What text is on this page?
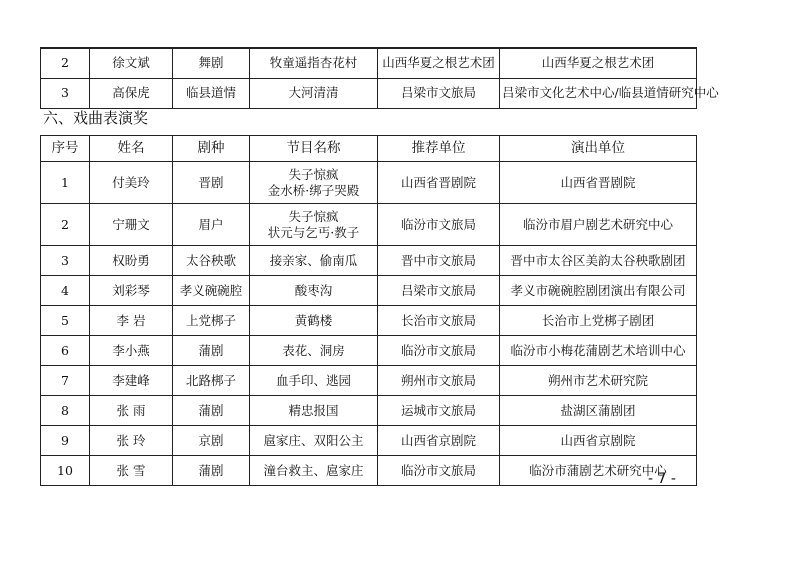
2	徐文斌	舞剧	牧童遥指杏花村	山西华夏之根艺术团	山西华夏之根艺术团
3	高保虎	临县道情	大河清清	吕梁市文旅局	吕梁市文化艺术中心/临县道情研究中心
六、戏曲表演奖
序号	姓名	剧种	节目名称	推荐单位	演出单位
1	付美玲	晋剧	失子惊疯
金水桥·绑子哭殿	山西省晋剧院	山西省晋剧院
2	宁珊文	眉户	失子惊疯
状元与乞丐·教子	临汾市文旅局	临汾市眉户剧艺术研究中心
3	权盼勇	太谷秧歌	接亲家、偷南瓜	晋中市文旅局	晋中市太谷区美韵太谷秧歌剧团
4	刘彩琴	孝义碗碗腔	酸枣沟	吕梁市文旅局	孝义市碗碗腔剧团演出有限公司
5	李 岩	上党梆子	黄鹤楼	长治市文旅局	长治市上党梆子剧团
6	李小燕	蒲剧	表花、洞房	临汾市文旅局	临汾市小梅花蒲剧艺术培训中心
7	李建峰	北路梆子	血手印、逃园	朔州市文旅局	朔州市艺术研究院
8	张 雨	蒲剧	精忠报国	运城市文旅局	盐湖区蒲剧团
9	张 玲	京剧	扈家庄、双阳公主	山西省京剧院	山西省京剧院
10	张 雪	蒲剧	潼台救主、扈家庄	临汾市文旅局	临汾市蒲剧艺术研究中心
- 7 -
